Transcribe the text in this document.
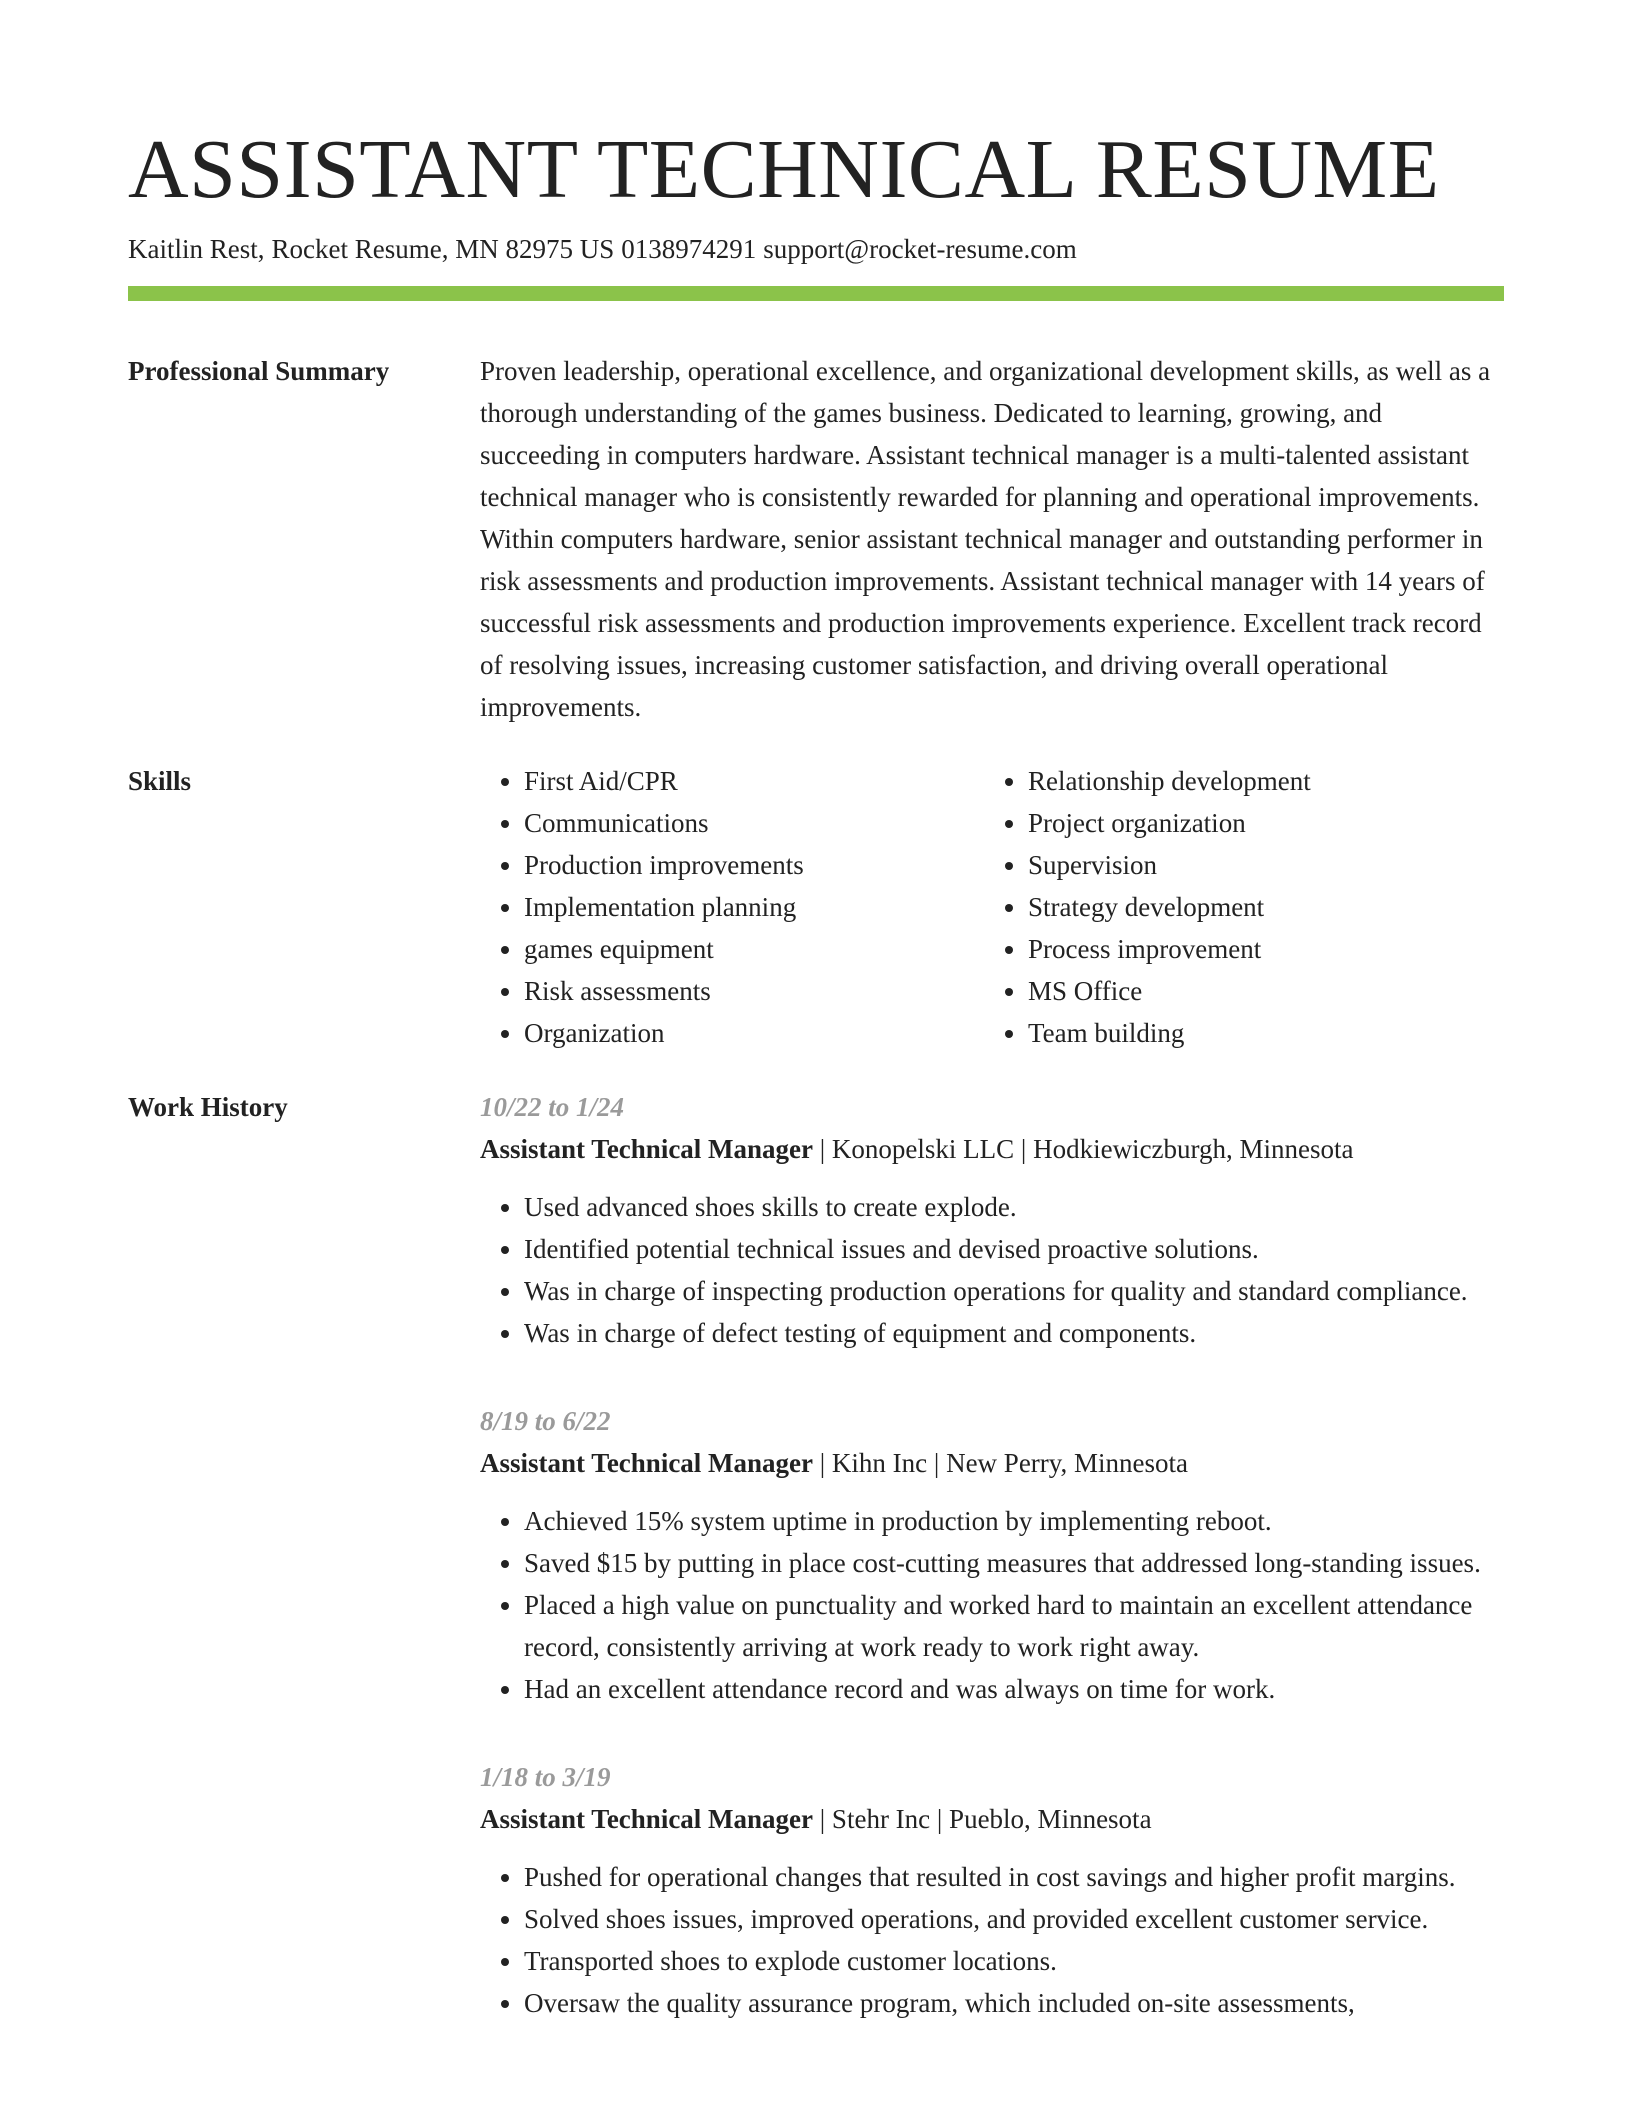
ASSISTANT TECHNICAL RESUME
Kaitlin Rest, Rocket Resume, MN 82975 US 0138974291 support@rocket-resume.com
Professional Summary	Proven leadership, operational excellence, and organizational development skills, as well as a thorough understanding of the games business. Dedicated to learning, growing, and succeeding in computers hardware. Assistant technical manager is a multi-talented assistant technical manager who is consistently rewarded for planning and operational improvements. Within computers hardware, senior assistant technical manager and outstanding performer in risk assessments and production improvements. Assistant technical manager with 14 years of successful risk assessments and production improvements experience. Excellent track record of resolving issues, increasing customer satisfaction, and driving overall operational improvements.

Skills
•	First Aid/CPR
• Communications
• Production improvements
• Implementation planning
• games equipment
• Risk assessments
• Organization
• Relationship development
• Project organization
• Supervision
• Strategy development
• Process improvement
• MS Office
• Team building
Work History	10/22 to 1/24
Assistant Technical Manager | Konopelski LLC | Hodkiewiczburgh, Minnesota
• Used advanced shoes skills to create explode.
• Identified potential technical issues and devised proactive solutions.
• Was in charge of inspecting production operations for quality and standard compliance.
• Was in charge of defect testing of equipment and components.
8/19 to 6/22
Assistant Technical Manager | Kihn Inc | New Perry, Minnesota
• Achieved 15% system uptime in production by implementing reboot.
• Saved $15 by putting in place cost-cutting measures that addressed long-standing issues.
• Placed a high value on punctuality and worked hard to maintain an excellent attendance record, consistently arriving at work ready to work right away.
• Had an excellent attendance record and was always on time for work.
1/18 to 3/19
Assistant Technical Manager | Stehr Inc | Pueblo, Minnesota
• Pushed for operational changes that resulted in cost savings and higher profit margins.
• Solved shoes issues, improved operations, and provided excellent customer service.
• Transported shoes to explode customer locations.
• Oversaw the quality assurance program, which included on-site assessments,
